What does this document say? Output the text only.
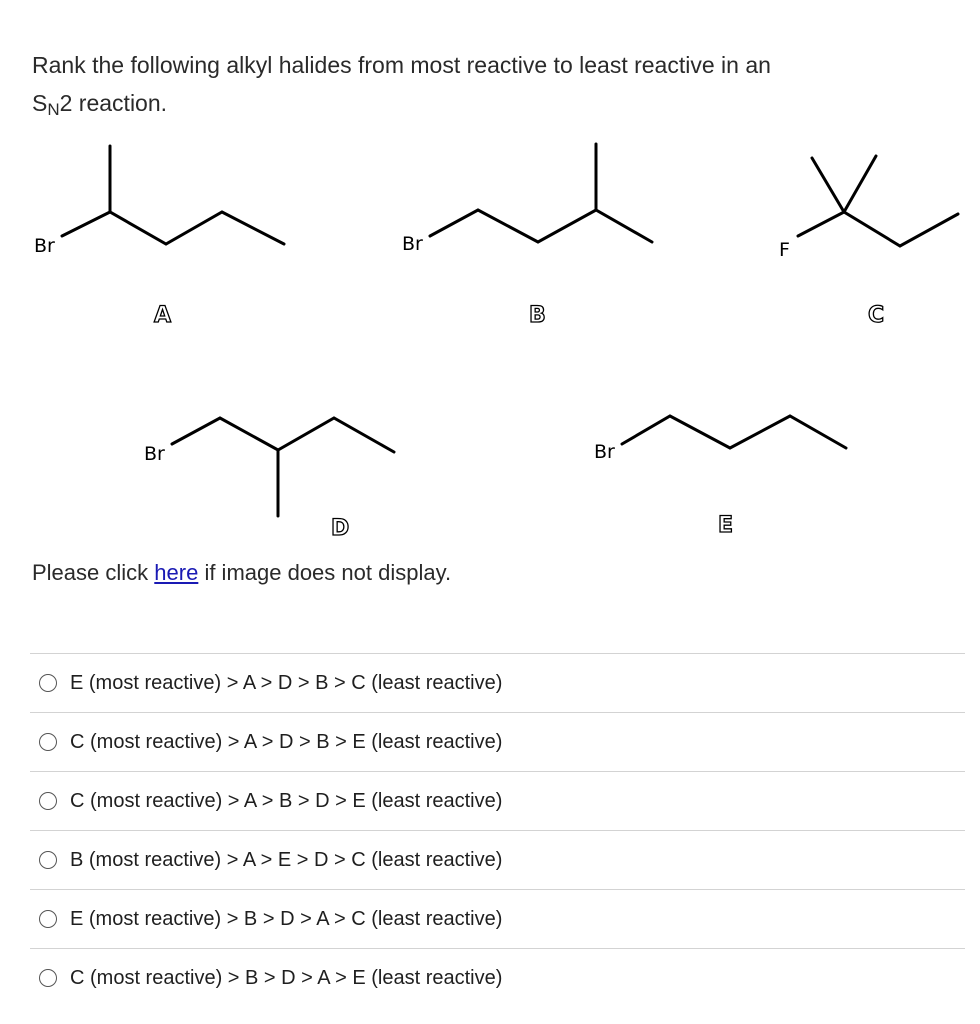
Rank the following alkyl halides from most reactive to least reactive in an
$S_N2$ reaction.
Br
A
Br
B
F
C
Br
D
Br
E
Please click here if image does not display.
E (most reactive) > A > D > B > C (least reactive)
C (most reactive) > A > D > B > E (least reactive)
C (most reactive) > A > B > D > E (least reactive)
B (most reactive) > A > E > D > C (least reactive)
E (most reactive) > B > D > A > C (least reactive)
C (most reactive) > B > D > A > E (least reactive)
